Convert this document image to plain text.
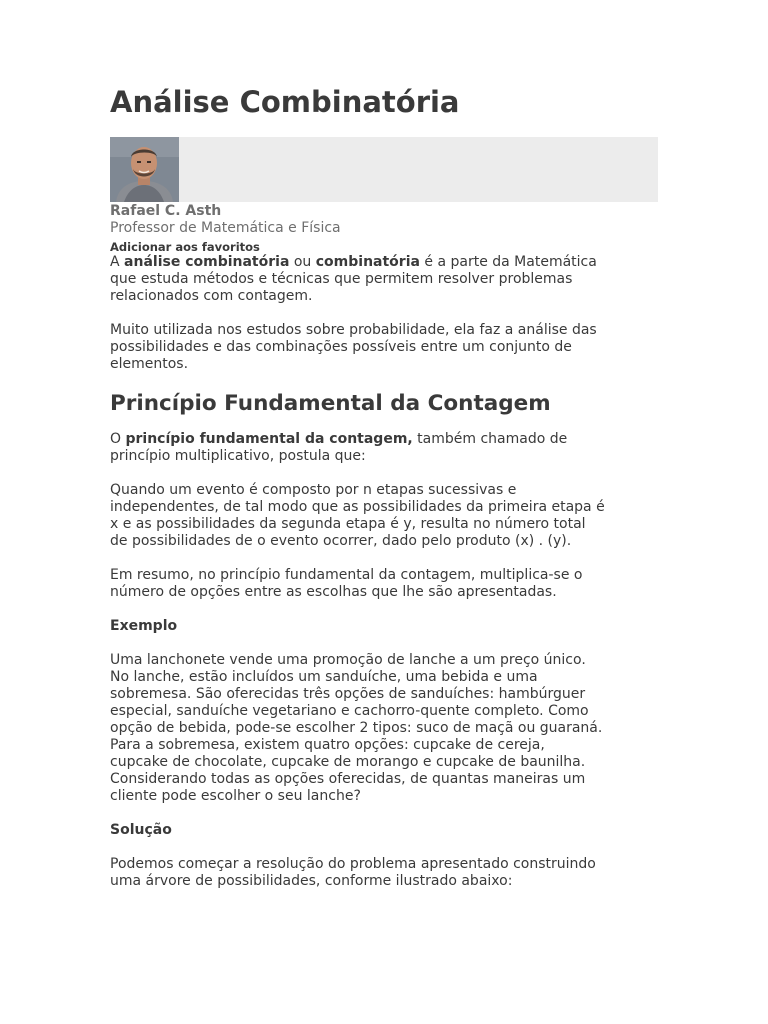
Análise Combinatória
Rafael C. Asth
Professor de Matemática e Física
Adicionar aos favoritos

A análise combinatória ou combinatória é a parte da Matemática
que estuda métodos e técnicas que permitem resolver problemas
relacionados com contagem.

Muito utilizada nos estudos sobre probabilidade, ela faz a análise das
possibilidades e das combinações possíveis entre um conjunto de
elementos.

Princípio Fundamental da Contagem

O princípio fundamental da contagem, também chamado de
princípio multiplicativo, postula que:

Quando um evento é composto por n etapas sucessivas e
independentes, de tal modo que as possibilidades da primeira etapa é
x e as possibilidades da segunda etapa é y, resulta no número total
de possibilidades de o evento ocorrer, dado pelo produto (x) . (y).

Em resumo, no princípio fundamental da contagem, multiplica-se o
número de opções entre as escolhas que lhe são apresentadas.

Exemplo

Uma lanchonete vende uma promoção de lanche a um preço único.
No lanche, estão incluídos um sanduíche, uma bebida e uma
sobremesa. São oferecidas três opções de sanduíches: hambúrguer
especial, sanduíche vegetariano e cachorro-quente completo. Como
opção de bebida, pode-se escolher 2 tipos: suco de maçã ou guaraná.
Para a sobremesa, existem quatro opções: cupcake de cereja,
cupcake de chocolate, cupcake de morango e cupcake de baunilha.
Considerando todas as opções oferecidas, de quantas maneiras um
cliente pode escolher o seu lanche?

Solução

Podemos começar a resolução do problema apresentado construindo
uma árvore de possibilidades, conforme ilustrado abaixo:
